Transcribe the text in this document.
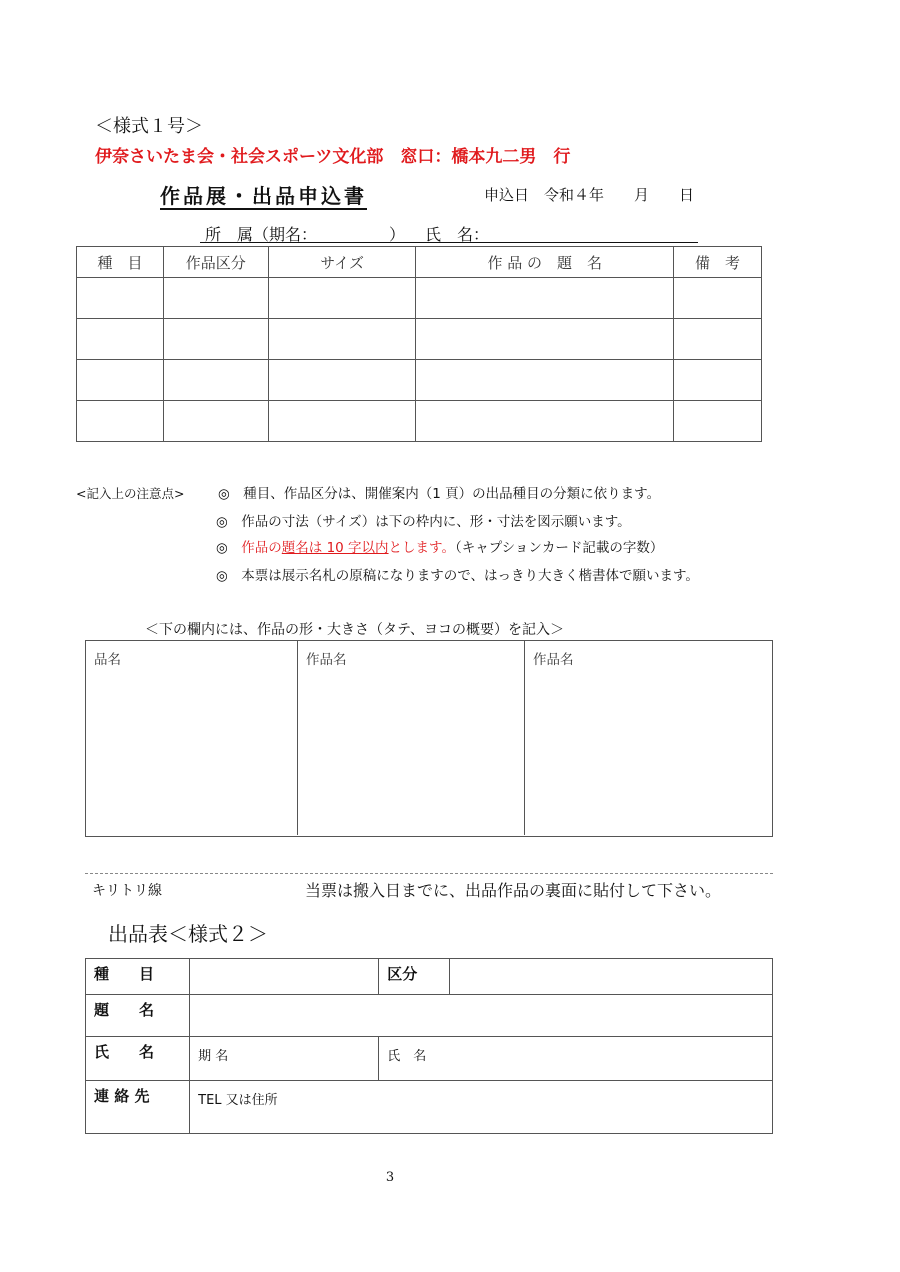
＜様式１号＞
伊奈さいたま会・社会スポーツ文化部　窓口：橋本九二男　行
作品展・出品申込書	申込日　令和４年　　月　　日
所　属（期名：　　　　　） 氏　名：
種　目	作品区分	サイズ	作 品 の　題　名	備　考

<記入上の注意点> ◎　種目、作品区分は、開催案内（1 頁）の出品種目の分類に依ります。
◎　作品の寸法（サイズ）は下の枠内に、形・寸法を図示願います。
◎　作品の題名は 10 字以内とします。（キャプションカード記載の字数）
◎　本票は展示名札の原稿になりますので、はっきり大きく楷書体で願います。
＜下の欄内には、作品の形・大きさ（タテ、ヨコの概要）を記入＞
品名	作品名	作品名
キリトリ線	当票は搬入日までに、出品作品の裏面に貼付して下さい。
出品表＜様式２＞
種　　目		区分	
題　　名			
氏　　名	期 名	氏　名	
連 絡 先	TEL 又は住所		
3
